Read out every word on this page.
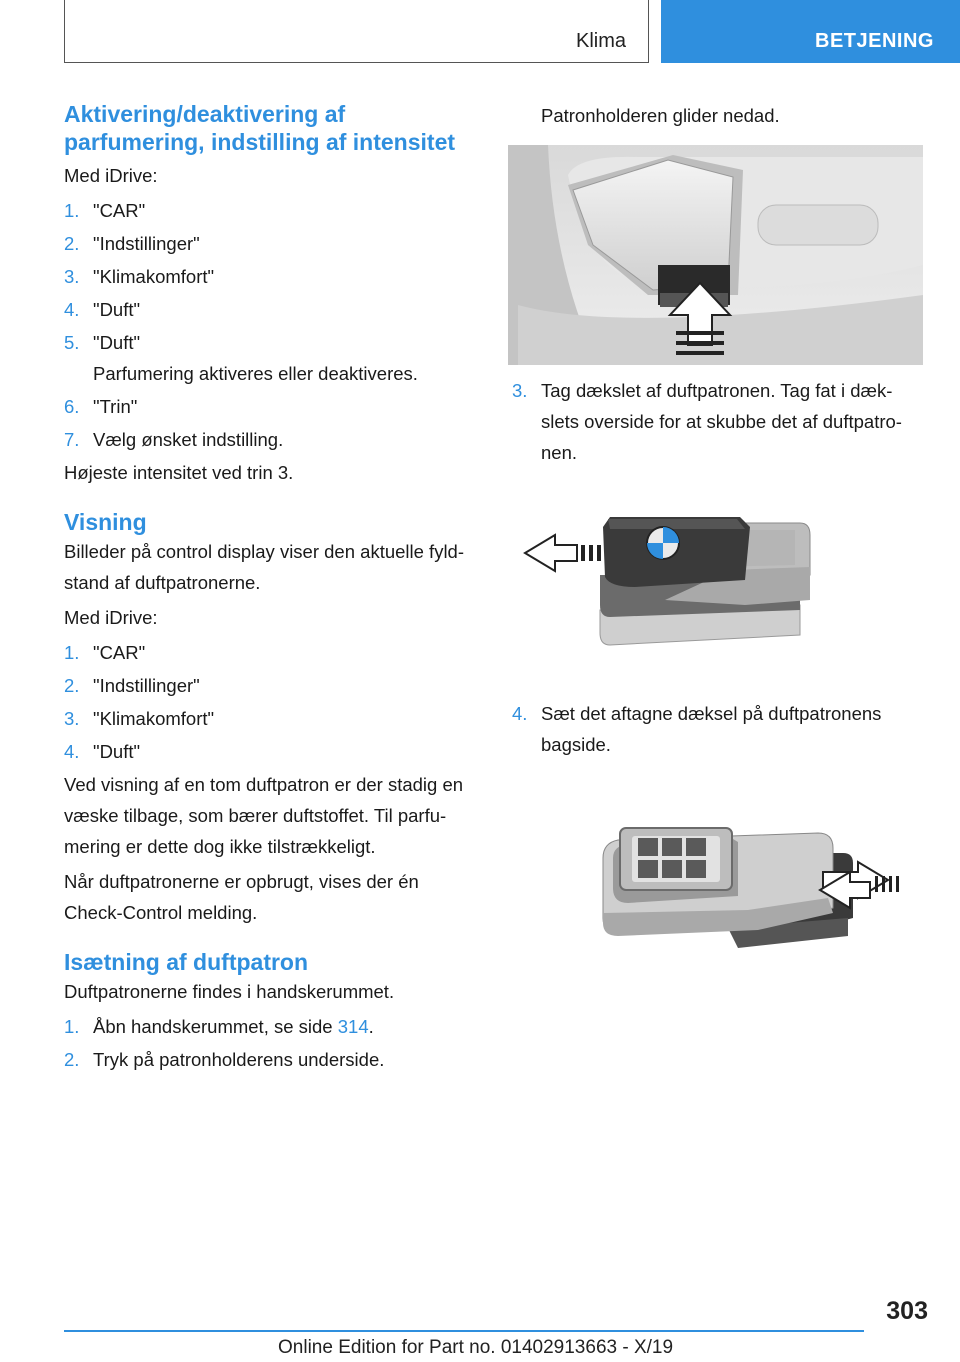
Klima	BETJENING
Aktivering/deaktivering af
parfumering, indstilling af intensitet

Med iDrive:

1. "CAR"
2. "Indstillinger"
3. "Klimakomfort"
4. "Duft"
5. "Duft"
Parfumering aktiveres eller deaktiveres.
6. "Trin"
7. Vælg ønsket indstilling.

Højeste intensitet ved trin 3.

Visning

Billeder på control display viser den aktuelle fyldstand af duftpatronerne.

Med iDrive:

1. "CAR"
2. "Indstillinger"
3. "Klimakomfort"
4. "Duft"

Ved visning af en tom duftpatron er der stadig en væske tilbage, som bærer duftstoffet. Til parfumering er dette dog ikke tilstrækkeligt.

Når duftpatronerne er opbrugt, vises der én Check-Control melding.

Isætning af duftpatron

Duftpatronerne findes i handskerummet.

1. Åbn handskerummet, se side 314.
2. Tryk på patronholderens underside.

Patronholderen glider nedad.

3. Tag dækslet af duftpatronen. Tag fat i dækslets overside for at skubbe det af duftpatronen.
4. Sæt det aftagne dæksel på duftpatronens bagside.
303
Online Edition for Part no. 01402913663 - X/19
